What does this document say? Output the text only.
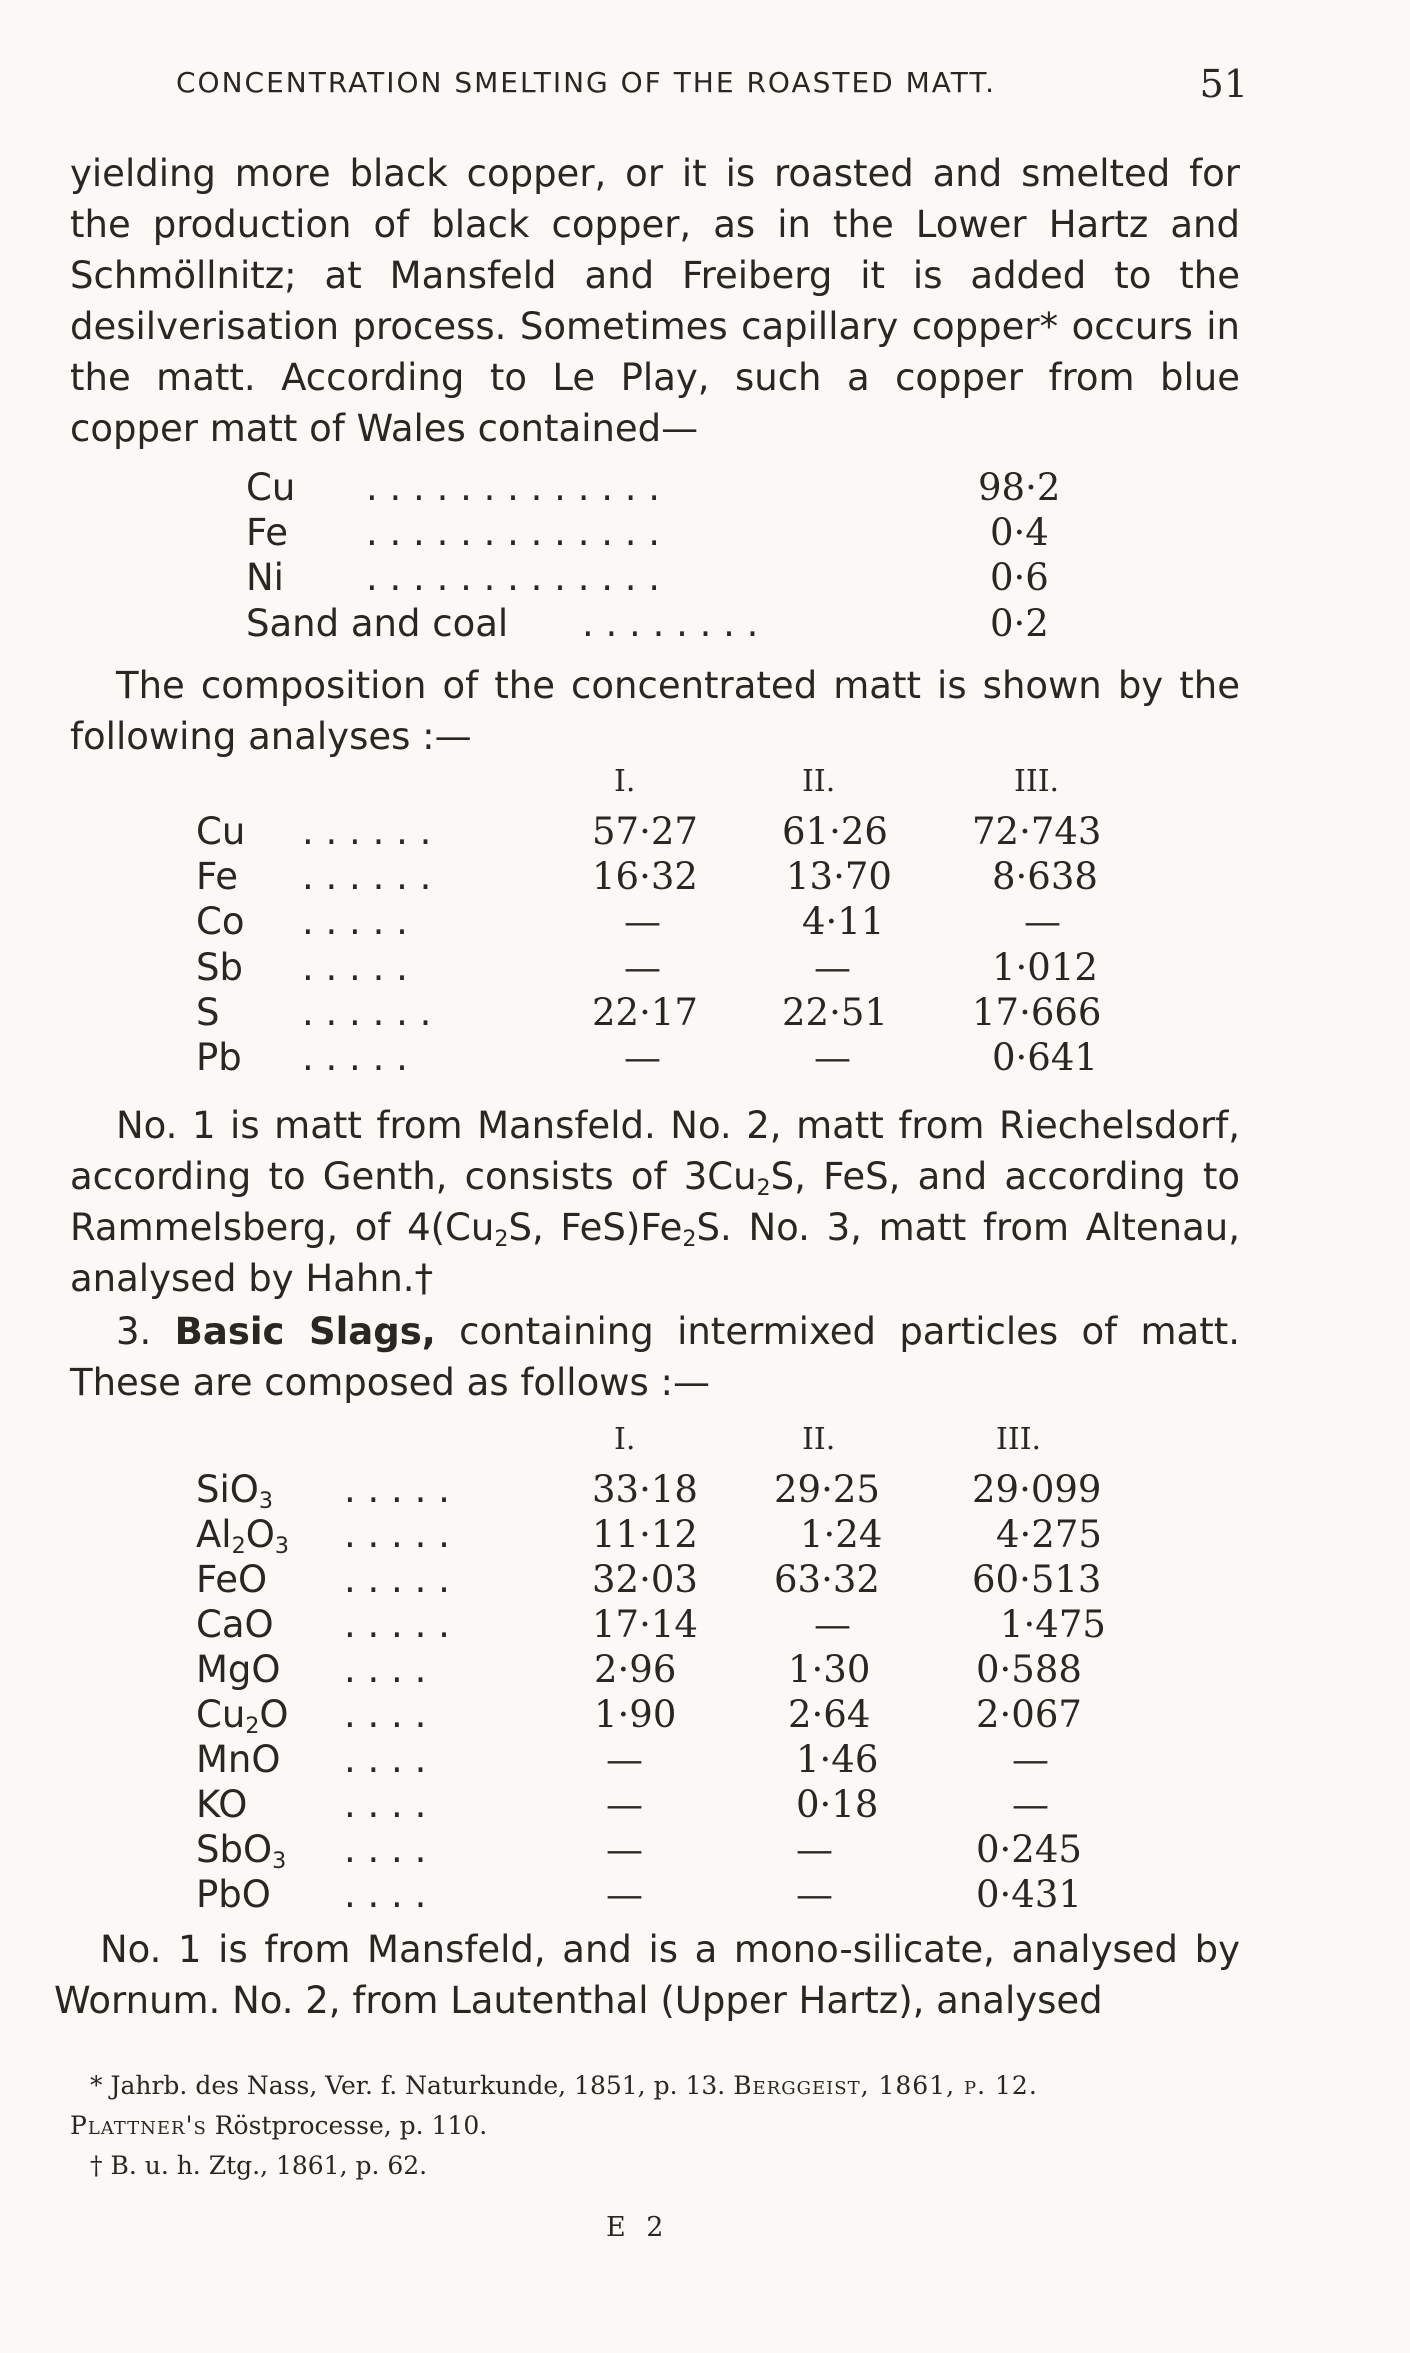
CONCENTRATION SMELTING OF THE ROASTED MATT.	51

yielding more black copper, or it is roasted and smelted for the production of black copper, as in the Lower Hartz and Schmöllnitz; at Mansfeld and Freiberg it is added to the desilverisation process. Sometimes capillary copper* occurs in the matt. According to Le Play, such a copper from blue copper matt of Wales contained—

Cu . . . . . . . . . . . . .	98·2
Fe . . . . . . . . . . . . .	0·4
Ni . . . . . . . . . . . . .	0·6
Sand and coal . . . . . . . .	0·2

The composition of the concentrated matt is shown by the following analyses :—

I.	II.	III.
Cu . . . . . .	57·27 61·26 72·743
Fe . . . . . .	16·32 13·70	8·638
Co . . . . .	—	4·11	—
Sb . . . . .	—	—	1·012
S . . . . . .	22·17 22·51 17·666
Pb . . . . .	—	—	0·641

No. 1 is matt from Mansfeld. No. 2, matt from Riechelsdorf, according to Genth, consists of $3Cu_2S$, FeS, and according to Rammelsberg, of $4(Cu_2S$, $FeS)Fe_2S$. No. 3, matt from Altenau, analysed by Hahn.†

3. Basic Slags, containing intermixed particles of matt. These are composed as follows :—

I.	II.	III.
SiO$_3$ . . . . .	33·18 29·25 29·099
$Al_2O_3$ . . . . .	11·12	1·24	4·275
FeO . . . . .	32·03 63·32 60·513
CaO . . . . .	17·14	—	1·475
MgO . . . .	2·96	1·30	0·588
$Cu_2O$ . . . .	1·90	2·64	2·067
MnO . . . .	—	1·46	—
KO	. . . .	—	0·18	—
SbO$_3$ . . . .	—	—	0·245
PbO . . . .	—	—	0·431

No. 1 is from Mansfeld, and is a mono-silicate, analysed by Wornum. No. 2, from Lautenthal (Upper Hartz), analysed

* Jahrb. des Nass, Ver. f. Naturkunde, 1851, p. 13. Berggeist, 1861, p. 12.
Plattner's Röstprocesse, p. 110.
† B. u. h. Ztg., 1861, p. 62.
E 2
